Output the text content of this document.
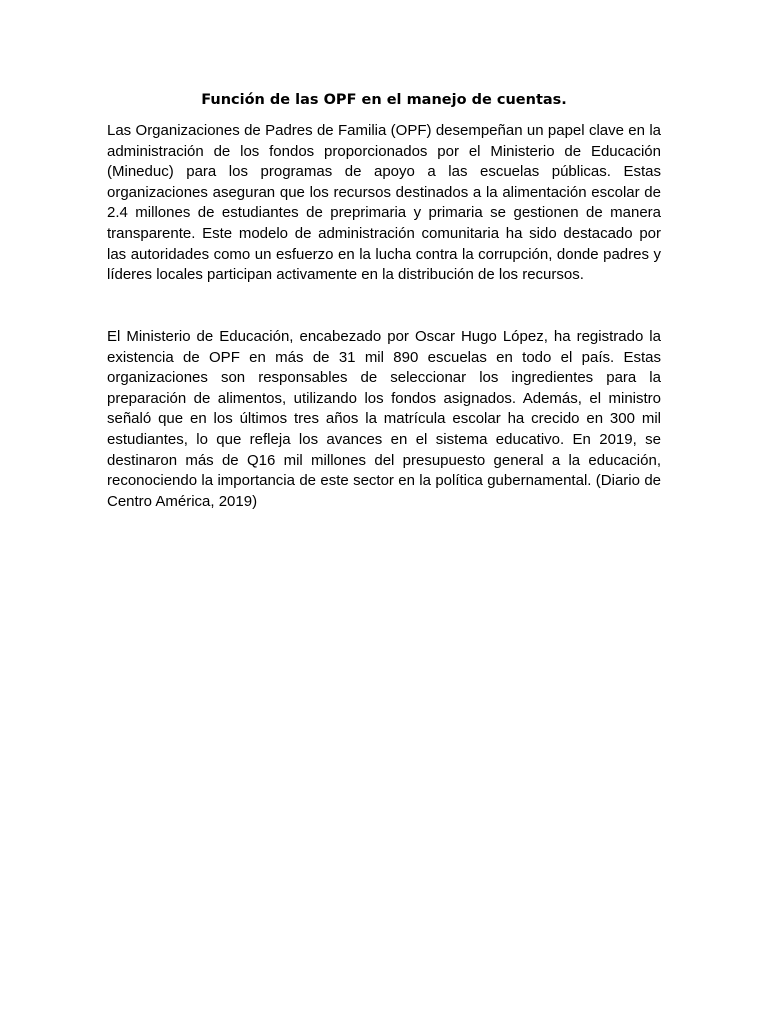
Función de las OPF en el manejo de cuentas.

Las Organizaciones de Padres de Familia (OPF) desempeñan un papel clave en la administración de los fondos proporcionados por el Ministerio de Educación (Mineduc) para los programas de apoyo a las escuelas públicas. Estas organizaciones aseguran que los recursos destinados a la alimentación escolar de 2.4 millones de estudiantes de preprimaria y primaria se gestionen de manera transparente. Este modelo de administración comunitaria ha sido destacado por las autoridades como un esfuerzo en la lucha contra la corrupción, donde padres y líderes locales participan activamente en la distribución de los recursos.

El Ministerio de Educación, encabezado por Oscar Hugo López, ha registrado la existencia de OPF en más de 31 mil 890 escuelas en todo el país. Estas organizaciones son responsables de seleccionar los ingredientes para la preparación de alimentos, utilizando los fondos asignados. Además, el ministro señaló que en los últimos tres años la matrícula escolar ha crecido en 300 mil estudiantes, lo que refleja los avances en el sistema educativo. En 2019, se destinaron más de Q16 mil millones del presupuesto general a la educación, reconociendo la importancia de este sector en la política gubernamental. (Diario de Centro América, 2019)
